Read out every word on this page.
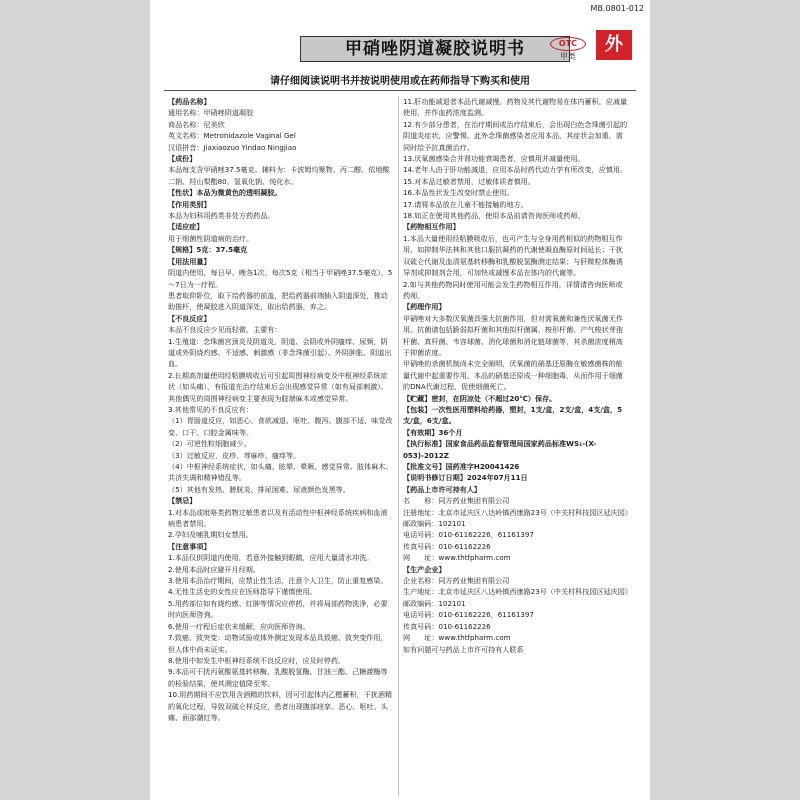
MB.0801-012
甲硝唑阴道凝胶说明书	OTC
甲类
外
请仔细阅读说明书并按说明使用或在药师指导下购买和使用

【药品名称】

通用名称：甲硝唑阴道凝胶

商品名称：尼美欣

英文名称：Metronidazole Vaginal Gel

汉语拼音：Jiaxiaozuo Yindao Ningjiao

【成份】

本品每支含甲硝唑37.5毫克。辅料为：卡波姆均聚物、丙二醇、依地酸二钠、羟山梨酯80、氢氧化钠、纯化水。

【性状】本品为微黄色的透明凝胶。

【作用类别】

本品为妇科用药类非处方药药品。

【适应症】

用于细菌性阴道病的治疗。

【规格】5克：37.5毫克

【用法用量】

阴道内使用，每日早、晚各1次，每次5克（相当于甲硝唑37.5毫克），5～7日为一疗程。

患者取仰卧位，取下给药器的前盖，把给药器前端插入阴道深处，推动助推杆，使凝胶进入阴道深处，取出给药器，弃之。

【不良反应】

本品不良反应少见而轻微，主要有：

1.生殖道：念珠菌宫颈炎及阴道炎，阴道、会阴或外阴瘙痒、尿频，阴道或外阴烧灼感、不适感、刺激感（非念珠菌引起）、外阴肿胀、阴道出血。

2.长期高剂量使用经粘膜吸收后可引起周围神经病变及中枢神经系统症状（如头痛），有报道在治疗结束后会出现感觉异常（如有局部刺激）。其他偶见的周围神经病变主要表现为肢端麻木或感觉异常。

3.其他常见的不良反应有：

（1）胃肠道反应，如恶心、食欲减退、呕吐、腹泻、腹部不适、味觉改变、口干、口腔金属味等。

（2）可逆性粒细胞减少。

（3）过敏反应，皮疹、荨麻疹、瘙痒等。

（4）中枢神经系统症状，如头痛、眩晕、晕厥、感觉异常、肢体麻木、共济失调和精神错乱等。

（5）其他有发热、膀胱炎、排尿困难、尿液颜色发黑等。

【禁忌】

1.对本品或吡咯类药物过敏患者以及有活动性中枢神经系统疾病和血液病患者禁用。

2.孕妇及哺乳期妇女禁用。

【注意事项】

1.本品仅供阴道内使用，若意外接触到眼睛，应用大量清水冲洗。

2.使用本品时应避开月经期。

3.使用本品治疗期间，应禁止性生活，注意个人卫生，防止重复感染。

4.无性生活史的女性应在医师指导下谨慎使用。

5.用药部位如有烧灼感、红肿等情况应停药，并将局部药物洗净，必要时向医师咨询。

6.使用一疗程后症状未缓解，应向医师咨询。

7.致癌、致突变：动物试验或体外测定发现本品具致癌、致突变作用，但人体中尚未证实。

8.使用中如发生中枢神经系统不良反应时，应及时停药。

9.本品可干扰丙氨酸氨基转移酶、乳酸脱氢酶、甘油三酯、己糖激酶等的检验结果，使其测定值降至零。

10.用药期间不应饮用含酒精的饮料，因可引起体内乙醛蓄积，干扰酒精的氧化过程，导致双硫仑样反应，患者出现腹部痉挛、恶心、呕吐、头痛、面部潮红等。

11.肝功能减退者本品代谢减慢，药物及其代谢物易在体内蓄积，应减量使用，并作血药浓度监测。

12.有少部分患者，在治疗期间或治疗结束后，会出现白色念珠菌引起的阴道炎症状，应警惕。此外念珠菌感染者应用本品，其症状会加重，需同时给予抗真菌治疗。

13.厌氧菌感染合并肾功能衰竭患者，应慎用并减量使用。

14.老年人由于肝功能减退，应用本品时药代动力学有所改变，应慎用。

15.对本品过敏者禁用，过敏体质者慎用。

16.本品性状发生改变时禁止使用。

17.请将本品放在儿童不能接触的地方。

18.如正在使用其他药品，使用本品前请咨询医师或药师。

【药物相互作用】

1.本品大量使用经粘膜吸收后，也可产生与全身用药相似的药物相互作用，如抑制华法林和其他口服抗凝药的代谢使凝血酶原时间延长；干扰双硫仑代谢及血清氨基转移酶和乳酸脱氢酶测定结果；与肝微粒体酶诱导剂或抑制剂合用，可加快或减慢本品在体内的代谢等。

2.如与其他药物同时使用可能会发生药物相互作用，详情请咨询医师或药师。

【药理作用】

甲硝唑对大多数厌氧菌具强大抗菌作用，但对需氧菌和兼性厌氧菌无作用。抗菌谱包括脆弱拟杆菌和其他拟杆菌属、梭形杆菌、产气梭状芽孢杆菌、真杆菌、韦容球菌、消化球菌和消化链球菌等，其杀菌浓度稍高于抑菌浓度。

甲硝唑的杀菌机制尚未完全阐明，厌氧菌的硝基还原酶在敏感菌株的能量代谢中起重要作用。本品的硝基还原成一种细胞毒，从而作用于细菌的DNA代谢过程，促使细菌死亡。

【贮藏】密封，在阴凉处（不超过20℃）保存。

【包装】一次性医用塑料给药器，塑封，1支/盒，2支/盒，4支/盒，5支/盒，6支/盒。

【有效期】36个月

【执行标准】国家食品药品监督管理局国家药品标准WS₁-(X-053)-2012Z

【批准文号】国药准字H20041426

【说明书修订日期】2024年07月11日

【药品上市许可持有人】

名　　称：同方药业集团有限公司

注册地址：北京市延庆区八达岭镇西康路23号（中关村科技园区延庆园）

邮政编码：102101

电话号码：010-61162226，61161397

传真号码：010-61162226

网　　址：www.thtfpharm.com

【生产企业】

企业名称：同方药业集团有限公司

生产地址：北京市延庆区八达岭镇西康路23号（中关村科技园区延庆园）

邮政编码：102101

电话号码：010-61162226，61161397

传真号码：010-61162226

网　　址：www.thtfpharm.com

如有问题可与药品上市许可持有人联系
